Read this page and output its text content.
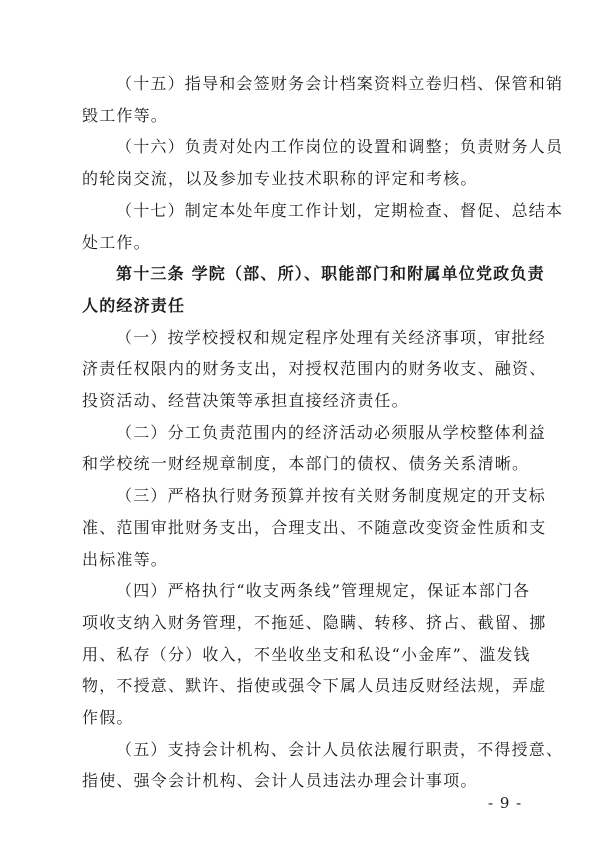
- 9 -
（十五）指导和会签财务会计档案资料立卷归档、保管和销
毁工作等。
（十六）负责对处内工作岗位的设置和调整；负责财务人员
的轮岗交流，以及参加专业技术职称的评定和考核。
（十七）制定本处年度工作计划，定期检查、督促、总结本
处工作。
第十三条 学院（部、所）、职能部门和附属单位党政负责
人的经济责任
（一）按学校授权和规定程序处理有关经济事项，审批经
济责任权限内的财务支出，对授权范围内的财务收支、融资、
投资活动、经营决策等承担直接经济责任。
（二）分工负责范围内的经济活动必须服从学校整体利益
和学校统一财经规章制度，本部门的债权、债务关系清晰。
（三）严格执行财务预算并按有关财务制度规定的开支标
准、范围审批财务支出，合理支出、不随意改变资金性质和支
出标准等。
（四）严格执行“收支两条线”管理规定，保证本部门各
项收支纳入财务管理，不拖延、隐瞒、转移、挤占、截留、挪
用、私存（分）收入，不坐收坐支和私设“小金库”、滥发钱
物，不授意、默许、指使或强令下属人员违反财经法规，弄虚
作假。
（五）支持会计机构、会计人员依法履行职责，不得授意、
指使、强令会计机构、会计人员违法办理会计事项。
